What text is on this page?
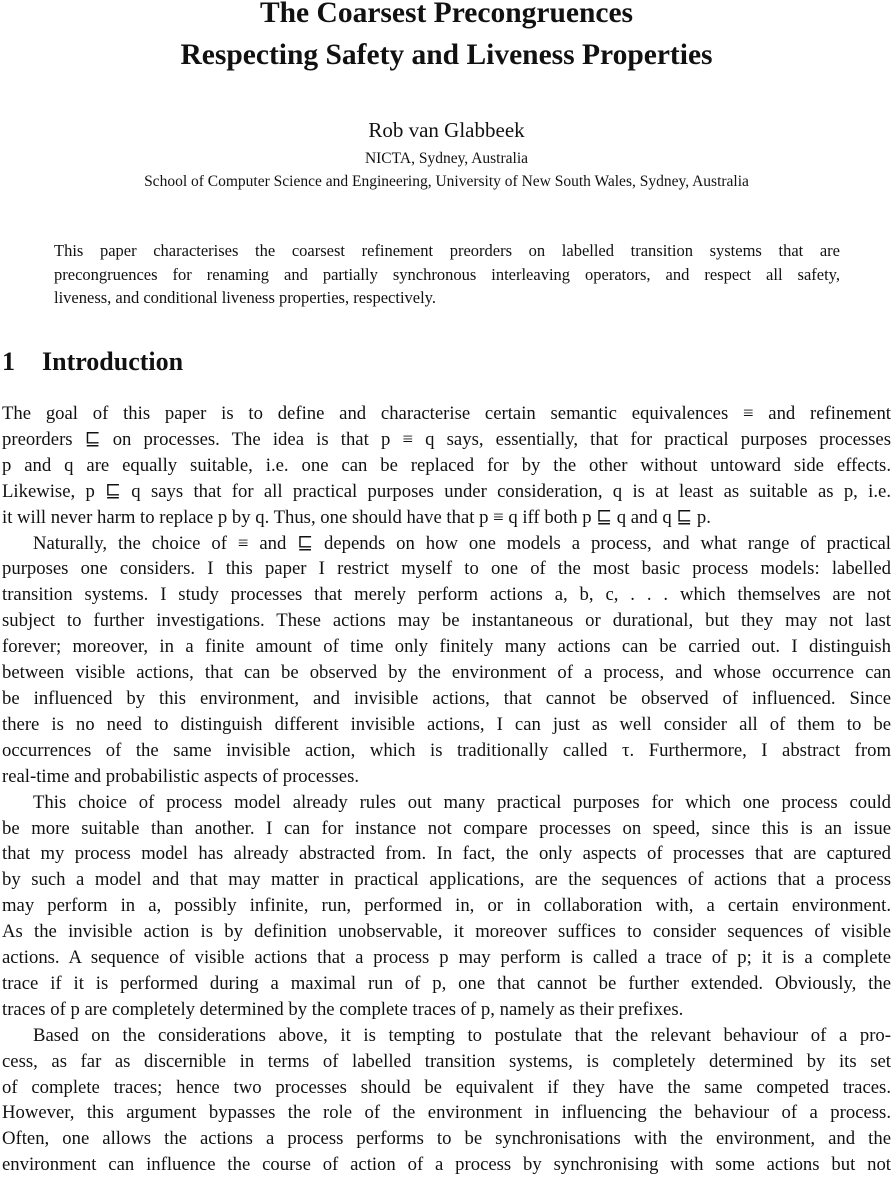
The Coarsest Precongruences
Respecting Safety and Liveness Properties
Rob van Glabbeek
NICTA, Sydney, Australia
School of Computer Science and Engineering, University of New South Wales, Sydney, Australia

This paper characterises the coarsest refinement preorders on labelled transition systems that are
precongruences for renaming and partially synchronous interleaving operators, and respect all safety,
liveness, and conditional liveness properties, respectively.

1 Introduction

The goal of this paper is to define and characterise certain semantic equivalences ≡ and refinement
preorders ⊑ on processes. The idea is that p ≡ q says, essentially, that for practical purposes processes
p and q are equally suitable, i.e. one can be replaced for by the other without untoward side effects.
Likewise, p ⊑ q says that for all practical purposes under consideration, q is at least as suitable as p, i.e.
it will never harm to replace p by q. Thus, one should have that p ≡ q iff both p ⊑ q and q ⊑ p.

Naturally, the choice of ≡ and ⊑ depends on how one models a process, and what range of practical
purposes one considers. I this paper I restrict myself to one of the most basic process models: labelled
transition systems. I study processes that merely perform actions a, b, c, . . . which themselves are not
subject to further investigations. These actions may be instantaneous or durational, but they may not last
forever; moreover, in a finite amount of time only finitely many actions can be carried out. I distinguish
between visible actions, that can be observed by the environment of a process, and whose occurrence can
be influenced by this environment, and invisible actions, that cannot be observed of influenced. Since
there is no need to distinguish different invisible actions, I can just as well consider all of them to be
occurrences of the same invisible action, which is traditionally called τ. Furthermore, I abstract from
real-time and probabilistic aspects of processes.

This choice of process model already rules out many practical purposes for which one process could
be more suitable than another. I can for instance not compare processes on speed, since this is an issue
that my process model has already abstracted from. In fact, the only aspects of processes that are captured
by such a model and that may matter in practical applications, are the sequences of actions that a process
may perform in a, possibly infinite, run, performed in, or in collaboration with, a certain environment.
As the invisible action is by definition unobservable, it moreover suffices to consider sequences of visible
actions. A sequence of visible actions that a process p may perform is called a trace of p; it is a complete
trace if it is performed during a maximal run of p, one that cannot be further extended. Obviously, the
traces of p are completely determined by the complete traces of p, namely as their prefixes.

Based on the considerations above, it is tempting to postulate that the relevant behaviour of a pro-
cess, as far as discernible in terms of labelled transition systems, is completely determined by its set
of complete traces; hence two processes should be equivalent if they have the same competed traces.
However, this argument bypasses the role of the environment in influencing the behaviour of a process.
Often, one allows the actions a process performs to be synchronisations with the environment, and the
environment can influence the course of action of a process by synchronising with some actions but not
